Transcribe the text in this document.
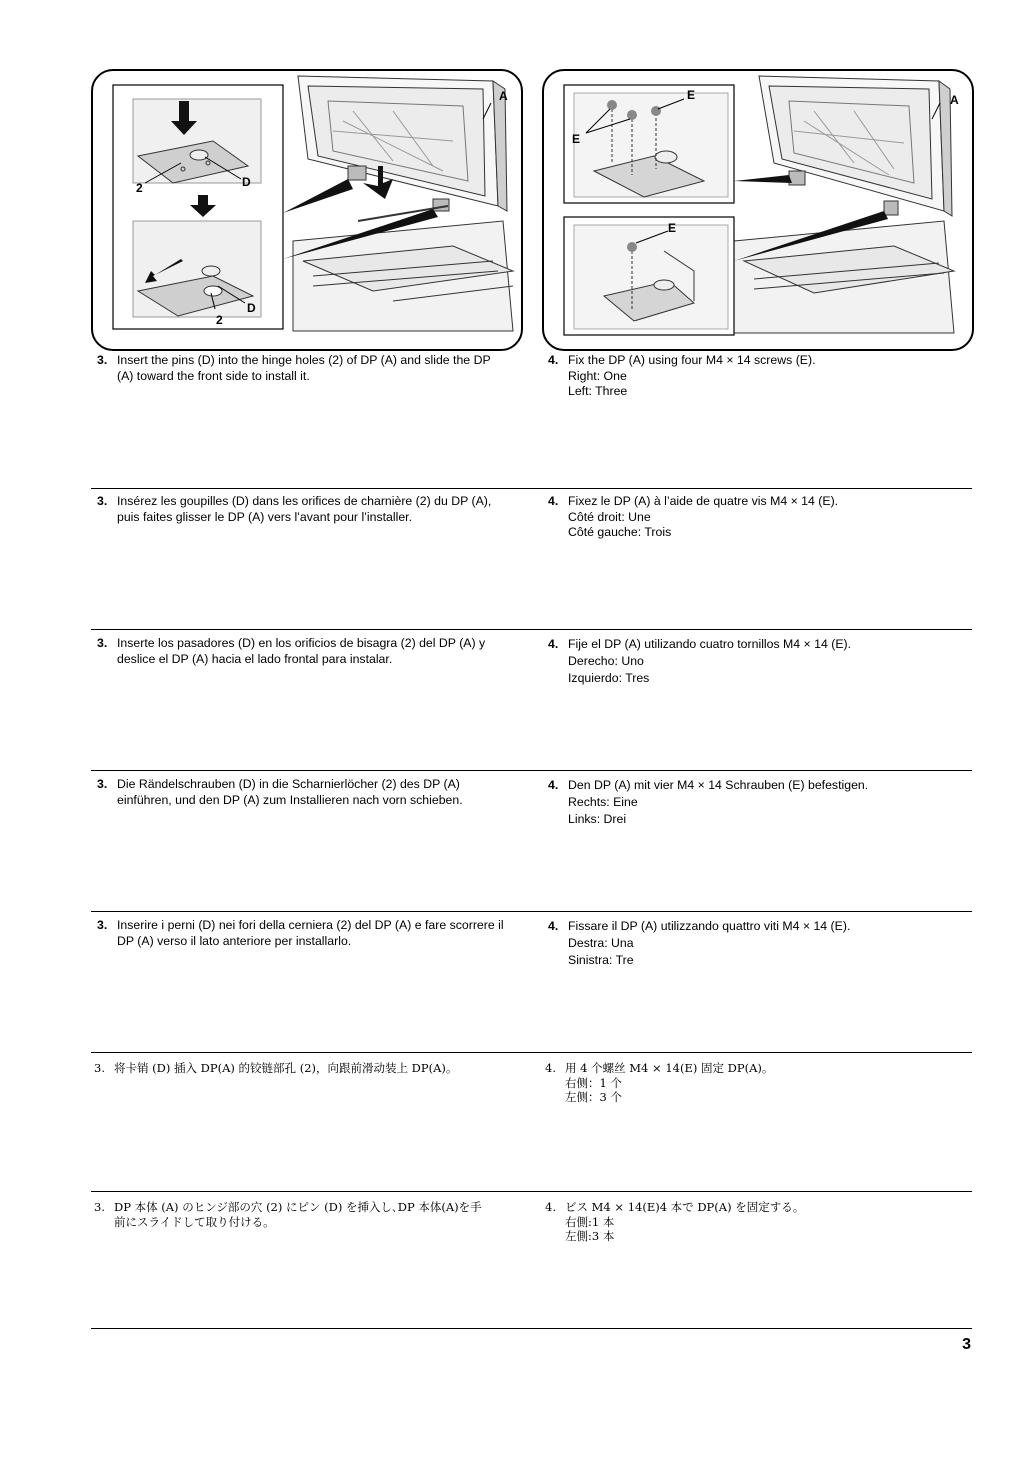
A
2	D
D
2
A
E
E
E
3. Insert the pins (D) into the hinge holes (2) of DP (A) and slide the DP
(A) toward the front side to install it.
4. Fix the DP (A) using four M4 × 14 screws (E).
Right: One
Left: Three
3. Insérez les goupilles (D) dans les orifices de charnière (2) du DP (A),
puis faites glisser le DP (A) vers l’avant pour l’installer.
4. Fixez le DP (A) à l’aide de quatre vis M4 × 14 (E).
Côté droit: Une
Côté gauche: Trois
3. Inserte los pasadores (D) en los orificios de bisagra (2) del DP (A) y
deslice el DP (A) hacia el lado frontal para instalar.
4. Fije el DP (A) utilizando cuatro tornillos M4 × 14 (E).
Derecho: Uno
Izquierdo: Tres
3. Die Rändelschrauben (D) in die Scharnierlöcher (2) des DP (A)
einführen, und den DP (A) zum Installieren nach vorn schieben.
4. Den DP (A) mit vier M4 × 14 Schrauben (E) befestigen.
Rechts: Eine
Links: Drei
3. Inserire i perni (D) nei fori della cerniera (2) del DP (A) e fare scorrere il
DP (A) verso il lato anteriore per installarlo.
4. Fissare il DP (A) utilizzando quattro viti M4 × 14 (E).
Destra: Una
Sinistra: Tre
3. 将卡销 (D) 插入 DP(A) 的铰链部孔 (2)，向跟前滑动装上 DP(A)。	4. 用 4 个螺丝 M4 × 14(E) 固定 DP(A)。
右侧：1 个
左侧：3 个
3. DP 本体 (A) のヒンジ部の穴 (2) にピン (D) を挿入し､DP 本体(A)を手
前にスライドして取り付ける。
4. ビス M4 × 14(E)4 本で DP(A) を固定する。
右側:1 本
左側:3 本
3
